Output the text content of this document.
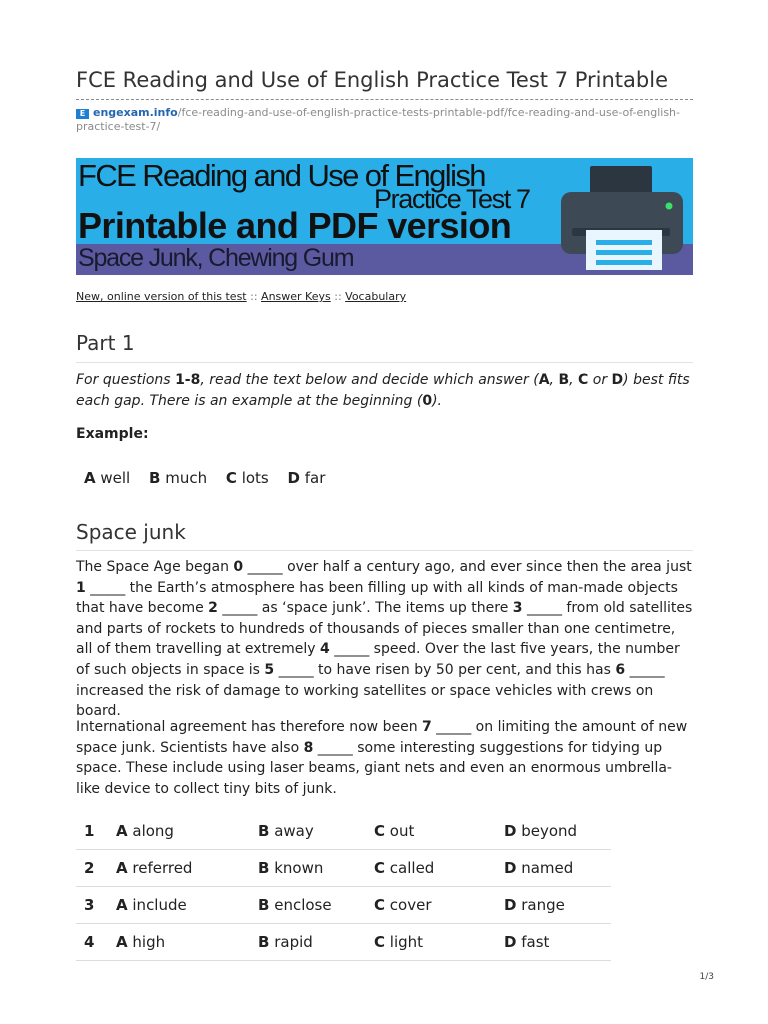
FCE Reading and Use of English Practice Test 7 Printable
E engexam.info/fce-reading-and-use-of-english-practice-tests-printable-pdf/fce-reading-and-use-of-english-
practice-test-7/
FCE Reading and Use of English
Practice Test 7
Printable and PDF version
Space Junk, Chewing Gum
New, online version of this test :: Answer Keys :: Vocabulary
Part 1
For questions 1-8, read the text below and decide which answer (A, B, C or D) best fits each gap. There is an example at the beginning (0).
Example:
A well B much C lots D far
Space junk
The Space Age began 0 _____ over half a century ago, and ever since then the area just 1 _____ the Earth’s atmosphere has been filling up with all kinds of man-made objects that have become 2 _____ as ‘space junk’. The items up there 3 _____ from old satellites and parts of rockets to hundreds of thousands of pieces smaller than one centimetre, all of them travelling at extremely 4 _____ speed. Over the last five years, the number of such objects in space is 5 _____ to have risen by 50 per cent, and this has 6 _____ increased the risk of damage to working satellites or space vehicles with crews on board.
International agreement has therefore now been 7 _____ on limiting the amount of new space junk. Scientists have also 8 _____ some interesting suggestions for tidying up space. These include using laser beams, giant nets and even an enormous umbrella-like device to collect tiny bits of junk.
1	A along	B away	C out	D beyond
2	A referred	B known	C called	D named
3	A include	B enclose	C cover	D range
4	A high	B rapid	C light	D fast
1/3
